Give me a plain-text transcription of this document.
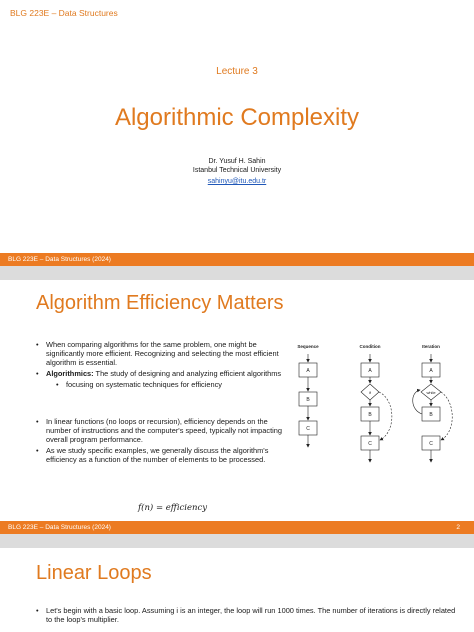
BLG 223E – Data Structures
Lecture 3
Algorithmic Complexity
Dr. Yusuf H. Sahin
Istanbul Technical University
sahinyu@itu.edu.tr
BLG 223E – Data Structures (2024)
Algorithm Efficiency Matters
• When comparing algorithms for the same problem, one might be significantly more efficient. Recognizing and selecting the most efficient algorithm is essential.
• Algorithmics: The study of designing and analyzing efficient algorithms
• focusing on systematic techniques for efficiency
• In linear functions (no loops or recursion), efficiency depends on the number of instructions and the computer's speed, typically not impacting overall program performance.
• As we study specific examples, we generally discuss the algorithm's efficiency as a function of the number of elements to be processed.
f(n) = efficiency
Sequence	Condition	Iteration
A
B
C
A
if
B
C
A
while
B
C
BLG 223E – Data Structures (2024)	2
Linear Loops
• Let's begin with a basic loop. Assuming i is an integer, the loop will run 1000 times. The number of iterations is directly related to the loop's multiplier.
